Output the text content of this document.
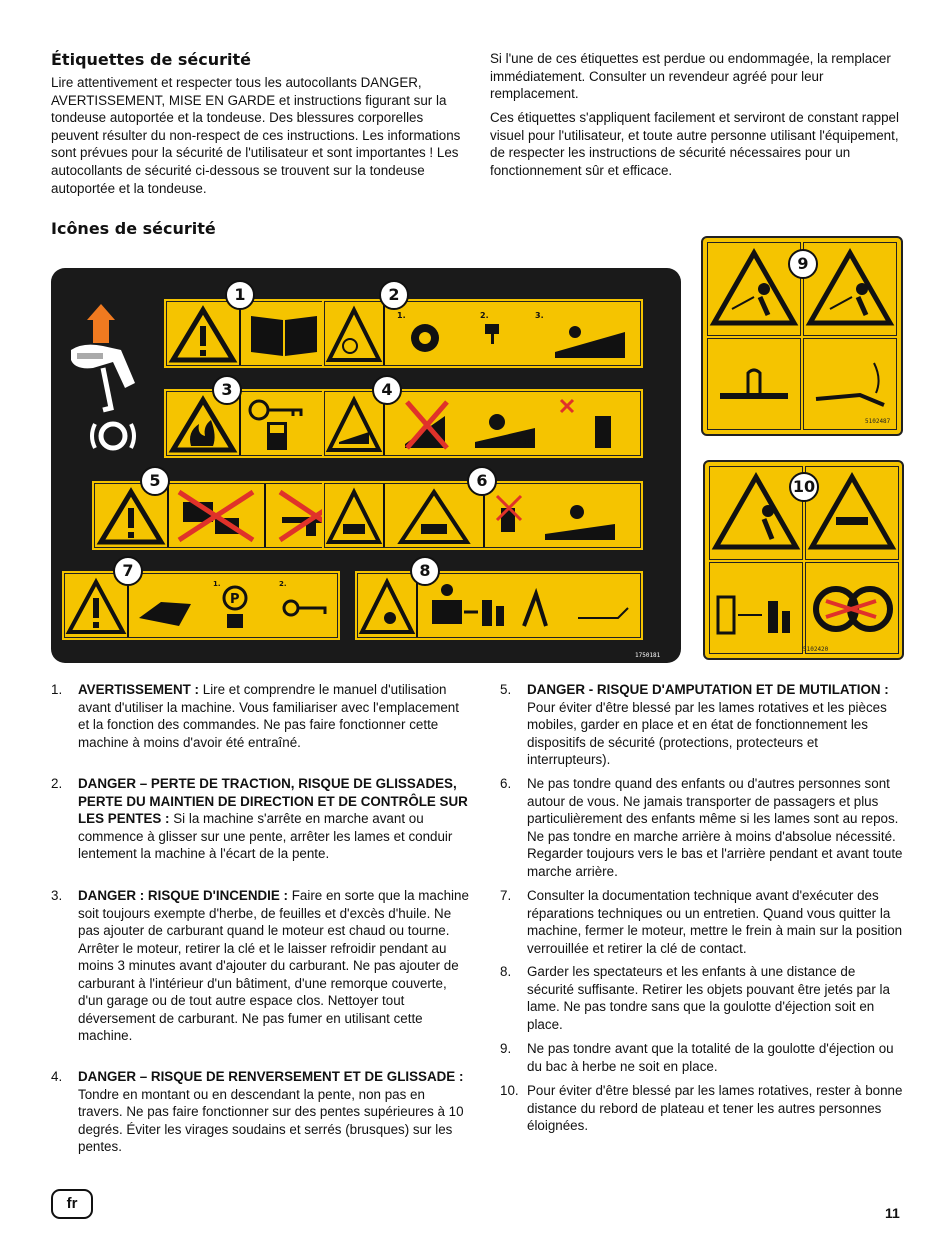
Étiquettes de sécurité

Lire attentivement et respecter tous les autocollants DANGER, AVERTISSEMENT, MISE EN GARDE et instructions figurant sur la tondeuse autoportée et la tondeuse. Des blessures corporelles peuvent résulter du non-respect de ces instructions. Les informations sont prévues pour la sécurité de l'utilisateur et sont importantes ! Les autocollants de sécurité ci-dessous se trouvent sur la tondeuse autoportée et la tondeuse.

Si l'une de ces étiquettes est perdue ou endommagée, la remplacer immédiatement. Consulter un revendeur agréé pour leur remplacement.

Ces étiquettes s'appliquent facilement et serviront de constant rappel visuel pour l'utilisateur, et toute autre personne utilisant l'équipement, de respecter les instructions de sécurité nécessaires pour un fonctionnement sûr et efficace.

Icônes de sécurité
1.	2.	3.
< 10°
1.
P
2.
1	2
3	4
5	6
7	8
1750181
5102487
9
5102420
10
1. AVERTISSEMENT : Lire et comprendre le manuel d'utilisation avant d'utiliser la machine. Vous familiariser avec l'emplacement et la fonction des commandes. Ne pas faire fonctionner cette machine à moins d'avoir été entraîné.
2. DANGER – PERTE DE TRACTION, RISQUE DE GLISSADES, PERTE DU MAINTIEN DE DIRECTION ET DE CONTRÔLE SUR LES PENTES : Si la machine s'arrête en marche avant ou commence à glisser sur une pente, arrêter les lames et conduir lentement la machine à l'écart de la pente.
3. DANGER : RISQUE D'INCENDIE : Faire en sorte que la machine soit toujours exempte d'herbe, de feuilles et d'excès d'huile. Ne pas ajouter de carburant quand le moteur est chaud ou tourne. Arrêter le moteur, retirer la clé et le laisser refroidir pendant au moins 3 minutes avant d'ajouter du carburant. Ne pas ajouter de carburant à l'intérieur d'un bâtiment, d'une remorque couverte, d'un garage ou de tout autre espace clos. Nettoyer tout déversement de carburant. Ne pas fumer en utilisant cette machine.
4. DANGER – RISQUE DE RENVERSEMENT ET DE GLISSADE : Tondre en montant ou en descendant la pente, non pas en travers. Ne pas faire fonctionner sur des pentes supérieures à 10 degrés. Éviter les virages soudains et serrés (brusques) sur les pentes.
5. DANGER - RISQUE D'AMPUTATION ET DE MUTILATION : Pour éviter d'être blessé par les lames rotatives et les pièces mobiles, garder en place et en état de fonctionnement les dispositifs de sécurité (protections, protecteurs et interrupteurs).
6. Ne pas tondre quand des enfants ou d'autres personnes sont autour de vous. Ne jamais transporter de passagers et plus particulièrement des enfants même si les lames sont au repos. Ne pas tondre en marche arrière à moins d'absolue nécessité. Regarder toujours vers le bas et l'arrière pendant et avant toute marche arrière.
7. Consulter la documentation technique avant d'exécuter des réparations techniques ou un entretien. Quand vous quitter la machine, fermer le moteur, mettre le frein à main sur la position verrouillée et retirer la clé de contact.
8. Garder les spectateurs et les enfants à une distance de sécurité suffisante. Retirer les objets pouvant être jetés par la lame. Ne pas tondre sans que la goulotte d'éjection soit en place.
9. Ne pas tondre avant que la totalité de la goulotte d'éjection ou du bac à herbe ne soit en place.
10. Pour éviter d'être blessé par les lames rotatives, rester à bonne distance du rebord de plateau et tener les autres personnes éloignées.
fr
11
